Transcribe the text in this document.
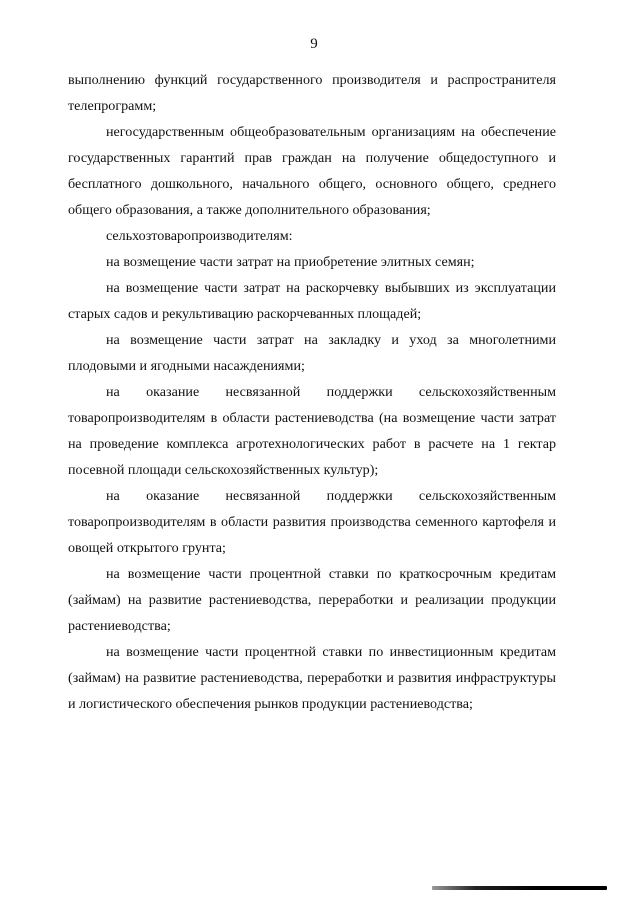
9

выполнению функций государственного производителя и распространителя телепрограмм;

негосударственным общеобразовательным организациям на обеспечение государственных гарантий прав граждан на получение общедоступного и бесплатного дошкольного, начального общего, основного общего, среднего общего образования, а также дополнительного образования;

сельхозтоваропроизводителям:

на возмещение части затрат на приобретение элитных семян;

на возмещение части затрат на раскорчевку выбывших из эксплуатации старых садов и рекультивацию раскорчеванных площадей;

на возмещение части затрат на закладку и уход за многолетними плодовыми и ягодными насаждениями;

на оказание несвязанной поддержки сельскохозяйственным товаропроизводителям в области растениеводства (на возмещение части затрат на проведение комплекса агротехнологических работ в расчете на 1 гектар посевной площади сельскохозяйственных культур);

на оказание несвязанной поддержки сельскохозяйственным товаропроизводителям в области развития производства семенного картофеля и овощей открытого грунта;

на возмещение части процентной ставки по краткосрочным кредитам (займам) на развитие растениеводства, переработки и реализации продукции растениеводства;

на возмещение части процентной ставки по инвестиционным кредитам (займам) на развитие растениеводства, переработки и развития инфраструктуры и логистического обеспечения рынков продукции растениеводства;
